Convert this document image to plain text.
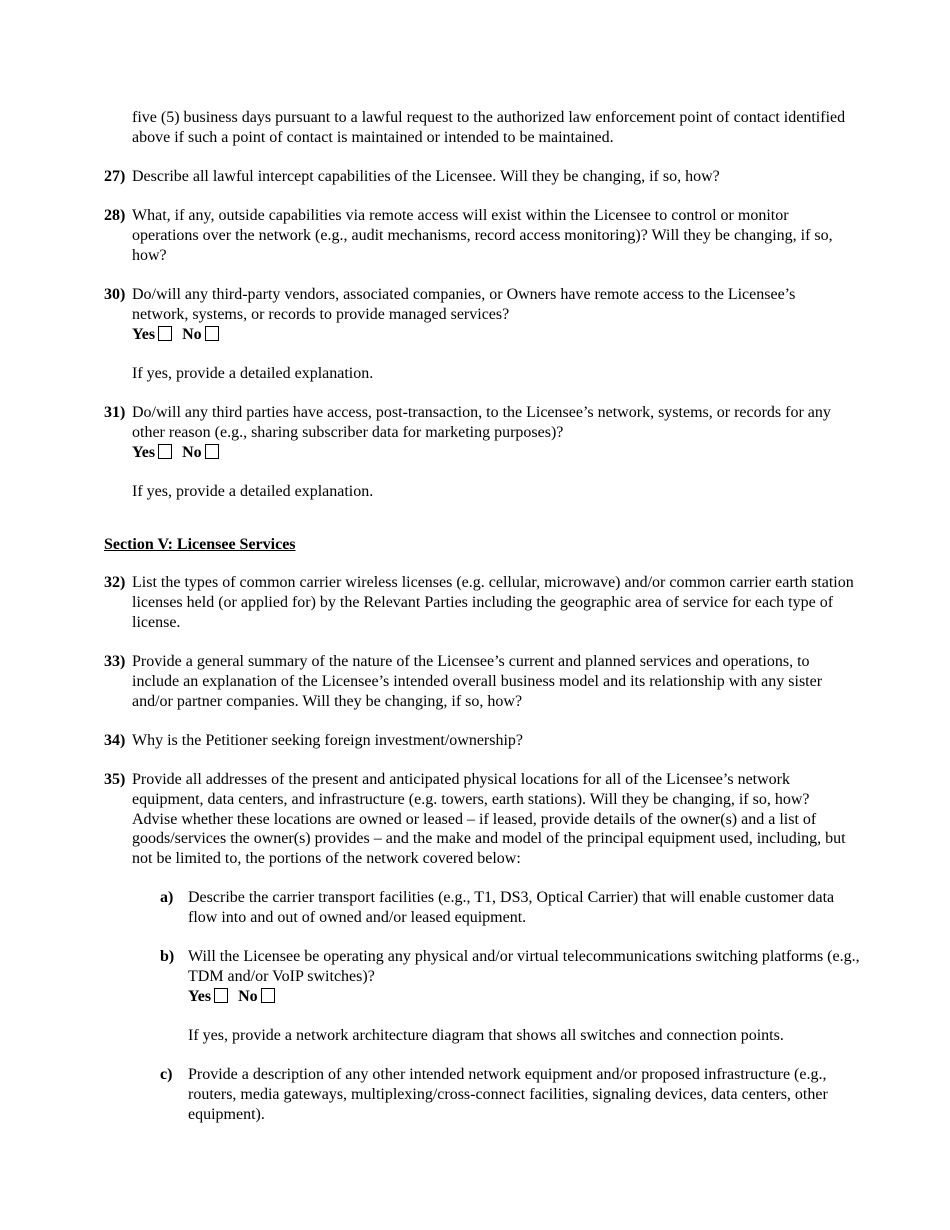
five (5) business days pursuant to a lawful request to the authorized law enforcement point of contact identified above if such a point of contact is maintained or intended to be maintained.
27) Describe all lawful intercept capabilities of the Licensee. Will they be changing, if so, how?
28) What, if any, outside capabilities via remote access will exist within the Licensee to control or monitor operations over the network (e.g., audit mechanisms, record access monitoring)? Will they be changing, if so, how?
30) Do/will any third-party vendors, associated companies, or Owners have remote access to the Licensee’s network, systems, or records to provide managed services?
Yes No
If yes, provide a detailed explanation.
31) Do/will any third parties have access, post-transaction, to the Licensee’s network, systems, or records for any other reason (e.g., sharing subscriber data for marketing purposes)?
Yes No
If yes, provide a detailed explanation.
Section V: Licensee Services
32) List the types of common carrier wireless licenses (e.g. cellular, microwave) and/or common carrier earth station licenses held (or applied for) by the Relevant Parties including the geographic area of service for each type of license.
33) Provide a general summary of the nature of the Licensee’s current and planned services and operations, to include an explanation of the Licensee’s intended overall business model and its relationship with any sister and/or partner companies. Will they be changing, if so, how?
34) Why is the Petitioner seeking foreign investment/ownership?
35) Provide all addresses of the present and anticipated physical locations for all of the Licensee’s network equipment, data centers, and infrastructure (e.g. towers, earth stations). Will they be changing, if so, how? Advise whether these locations are owned or leased – if leased, provide details of the owner(s) and a list of goods/services the owner(s) provides – and the make and model of the principal equipment used, including, but not be limited to, the portions of the network covered below:
a) Describe the carrier transport facilities (e.g., T1, DS3, Optical Carrier) that will enable customer data flow into and out of owned and/or leased equipment.
b) Will the Licensee be operating any physical and/or virtual telecommunications switching platforms (e.g., TDM and/or VoIP switches)?
Yes No
If yes, provide a network architecture diagram that shows all switches and connection points.
c) Provide a description of any other intended network equipment and/or proposed infrastructure (e.g., routers, media gateways, multiplexing/cross-connect facilities, signaling devices, data centers, other equipment).
